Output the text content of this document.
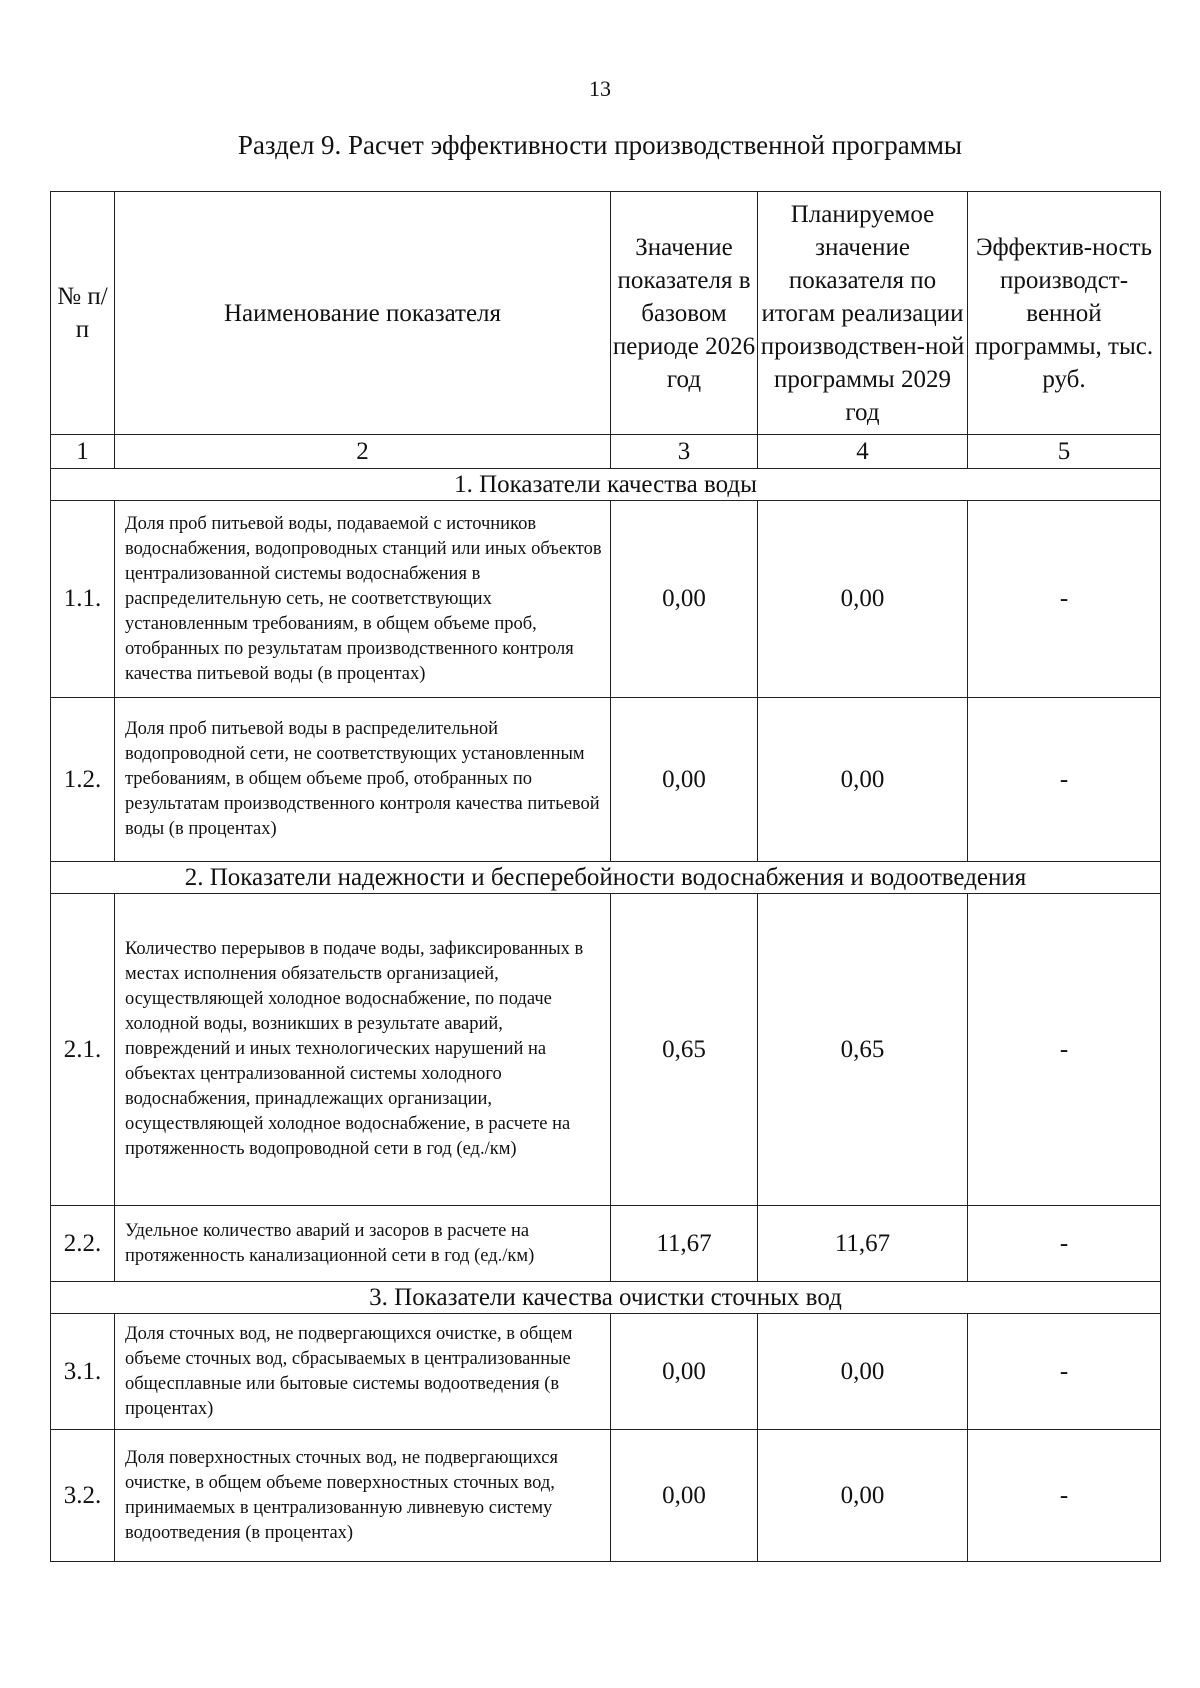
13
Раздел 9. Расчет эффективности производственной программы
№ п/п	Наименование показателя	Значение показателя в базовом периоде 2026 год	Планируемое значение показателя по итогам реализации производствен-ной программы 2029 год	Эффектив-ность производст-венной программы, тыс. руб.
1	2	3	4	5
1. Показатели качества воды				
1.1.	Доля проб питьевой воды, подаваемой с источников водоснабжения, водопроводных станций или иных объектов централизованной системы водоснабжения в распределительную сеть, не соответствующих установленным требованиям, в общем объеме проб, отобранных по результатам производственного контроля качества питьевой воды (в процентах)	0,00	0,00	-
1.2.	Доля проб питьевой воды в распределительной водопроводной сети, не соответствующих установленным требованиям, в общем объеме проб, отобранных по результатам производственного контроля качества питьевой воды (в процентах)	0,00	0,00	-
2. Показатели надежности и бесперебойности водоснабжения и водоотведения				
2.1.	Количество перерывов в подаче воды, зафиксированных в местах исполнения обязательств организацией, осуществляющей холодное водоснабжение, по подаче холодной воды, возникших в результате аварий, повреждений и иных технологических нарушений на объектах централизованной системы холодного водоснабжения, принадлежащих организации, осуществляющей холодное водоснабжение, в расчете на протяженность водопроводной сети в год (ед./км)	0,65	0,65	-
2.2.	Удельное количество аварий и засоров в расчете на протяженность канализационной сети в год (ед./км)	11,67	11,67	-
3. Показатели качества очистки сточных вод				
3.1.	Доля сточных вод, не подвергающихся очистке, в общем объеме сточных вод, сбрасываемых в централизованные общесплавные или бытовые системы водоотведения (в процентах)	0,00	0,00	-
3.2.	Доля поверхностных сточных вод, не подвергающихся очистке, в общем объеме поверхностных сточных вод, принимаемых в централизованную ливневую систему водоотведения (в процентах)	0,00	0,00	-
